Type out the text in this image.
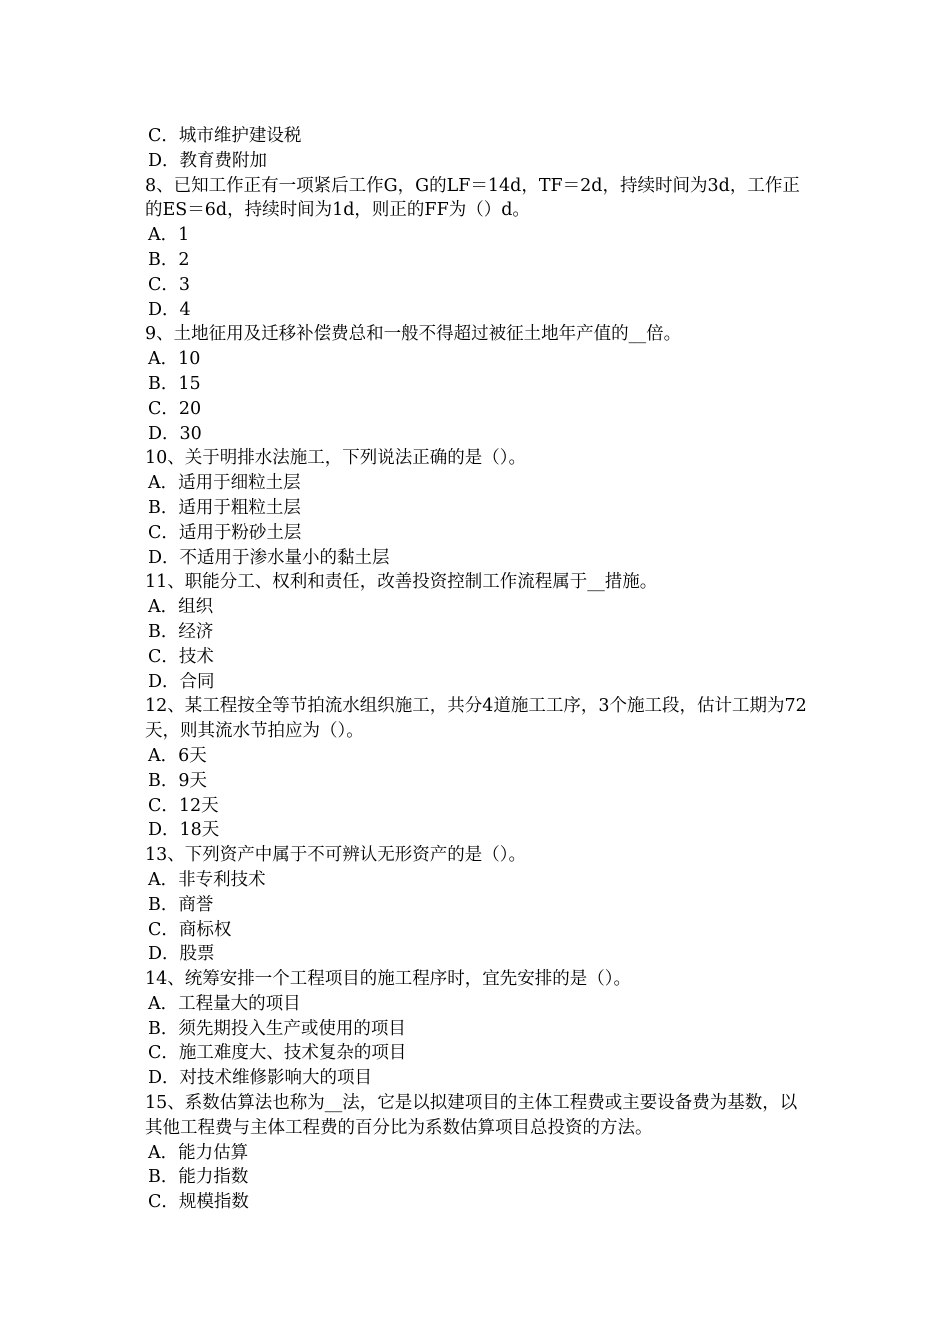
C．城市维护建设税

D．教育费附加

8、已知工作正有一项紧后工作G，G的LF＝14d，TF＝2d，持续时间为3d，工作正的ES＝6d，持续时间为1d，则正的FF为（）d。

A．1

B．2

C．3

D．4

9、土地征用及迁移补偿费总和一般不得超过被征土地年产值的__倍。

A．10

B．15

C．20

D．30

10、关于明排水法施工，下列说法正确的是（）。

A．适用于细粒土层

B．适用于粗粒土层

C．适用于粉砂土层

D．不适用于渗水量小的黏土层

11、职能分工、权利和责任，改善投资控制工作流程属于__措施。

A．组织

B．经济

C．技术

D．合同

12、某工程按全等节拍流水组织施工，共分4道施工工序，3个施工段，估计工期为72天，则其流水节拍应为（）。

A．6天

B．9天

C．12天

D．18天

13、下列资产中属于不可辨认无形资产的是（）。

A．非专利技术

B．商誉

C．商标权

D．股票

14、统筹安排一个工程项目的施工程序时，宜先安排的是（）。

A．工程量大的项目

B．须先期投入生产或使用的项目

C．施工难度大、技术复杂的项目

D．对技术维修影响大的项目

15、系数估算法也称为__法，它是以拟建项目的主体工程费或主要设备费为基数，以其他工程费与主体工程费的百分比为系数估算项目总投资的方法。

A．能力估算

B．能力指数

C．规模指数
